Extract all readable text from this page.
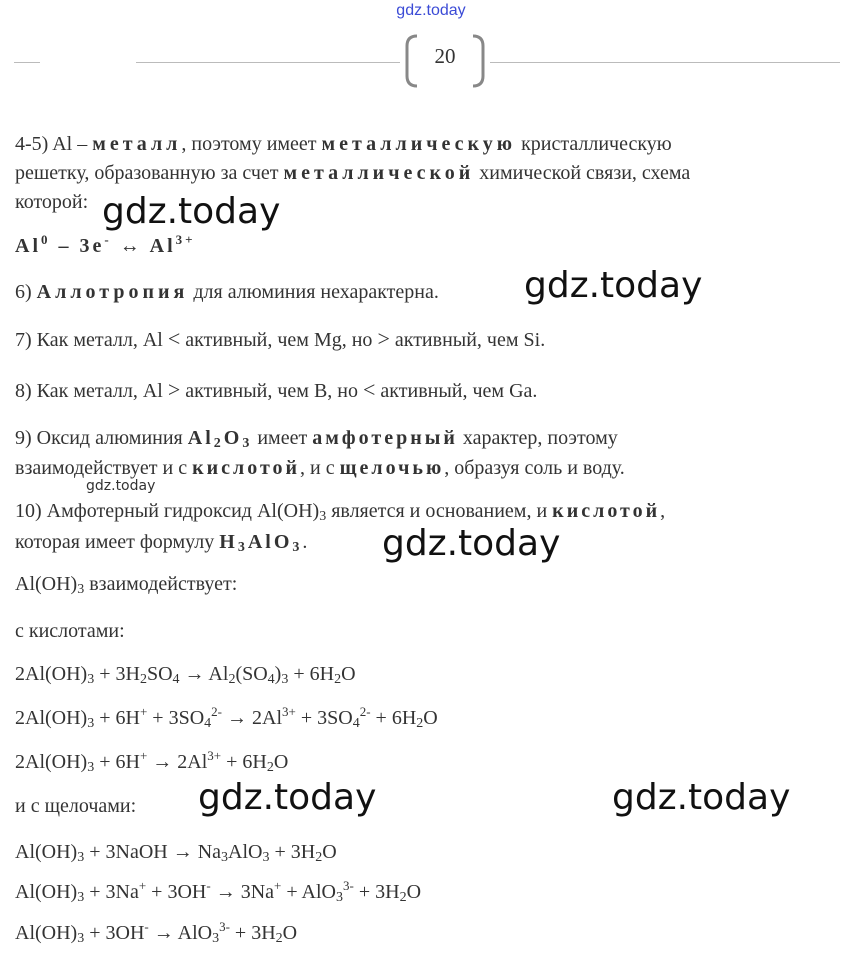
gdz.today
20
4-5) Al – металл, поэтому имеет металлическую кристаллическую
решетку, образованную за счет металлической химической связи, схема
которой: gdz.today
Al$^0$ – 3e- ↔ $Al^{3+}$
6) Аллотропия для алюминия нехарактерна. gdz.today
7) Как металл, Al < активный, чем Mg, но > активный, чем Si.
8) Как металл, Al > активный, чем B, но < активный, чем Ga.
9) Оксид алюминия $Al_2O_3$ имеет амфотерный характер, поэтому
взаимодействует и с кислотой, и с щелочью, образуя соль и воду.
gdz.today
10) Амфотерный гидроксид $Al(OH)_3$ является и основанием, и кислотой,
которая имеет формулу $H_3AlO_3$. gdz.today
$Al(OH)_3$ взаимодействует:
с кислотами:
$2Al(OH)_3 + 3H_2SO_4 \to Al_2(SO_4)_3 + 6H_2O$
$2Al(OH)_3 + 6H^+ + 3SO_4^{2-} \to 2Al^{3+} + 3SO_4^{2-} + 6H_2O$
$2Al(OH)_3 + 6H^+ \to 2Al^{3+} + 6H_2O$
и с щелочами: gdz.today	gdz.today
$Al(OH)_3$ + 3NaOH → $Na_3AlO_3 + 3H_2O$
$Al(OH)_3 + 3Na^+ + 3OH^- \to 3Na^+ + AlO_3^{3-} + 3H_2O$
$Al(OH)_3 + 3OH^- \to AlO_3^{3-} + 3H_2O$
